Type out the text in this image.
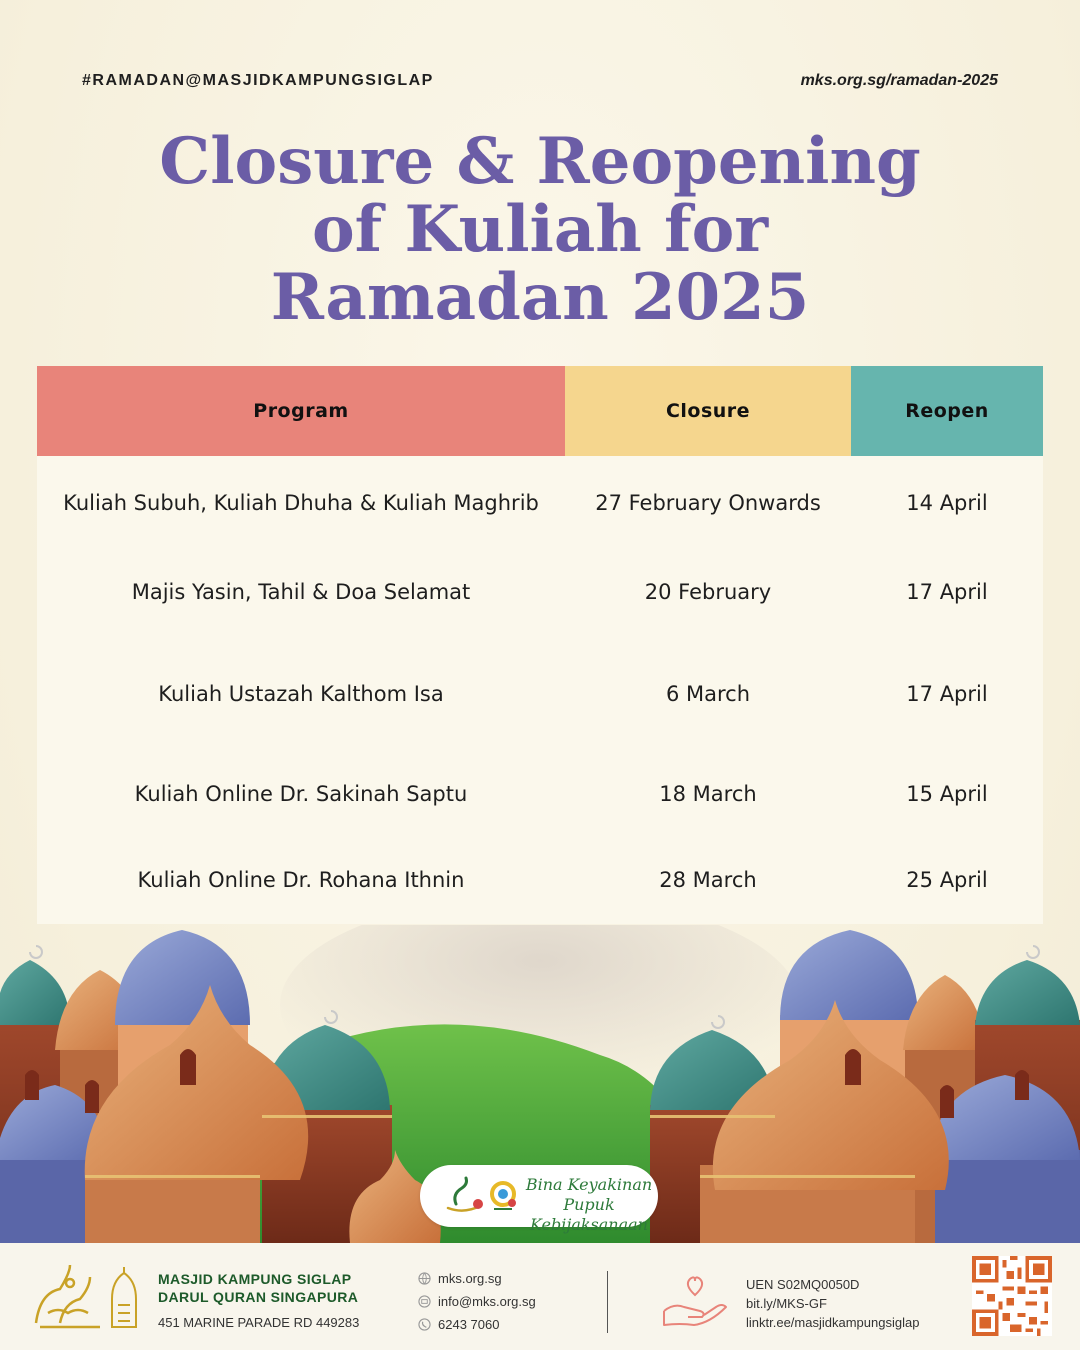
#RAMADAN@MASJIDKAMPUNGSIGLAP	mks.org.sg/ramadan-2025
Closure & Reopening
of Kuliah for
Ramadan 2025
Program	Closure	Reopen
Kuliah Subuh, Kuliah Dhuha & Kuliah Maghrib	27 February Onwards	14 April
Majis Yasin, Tahil & Doa Selamat	20 February	17 April
Kuliah Ustazah Kalthom Isa	6 March	17 April
Kuliah Online Dr. Sakinah Saptu	18 March	15 April
Kuliah Online Dr. Rohana Ithnin	28 March	25 April
Bina Keyakinan
Pupuk Kebijaksanaan
MASJID KAMPUNG SIGLAP
DARUL QURAN SINGAPURA
451 MARINE PARADE RD 449283
mks.org.sg
info@mks.org.sg
6243 7060
UEN S02MQ0050D
bit.ly/MKS-GF
linktr.ee/masjidkampungsiglap
